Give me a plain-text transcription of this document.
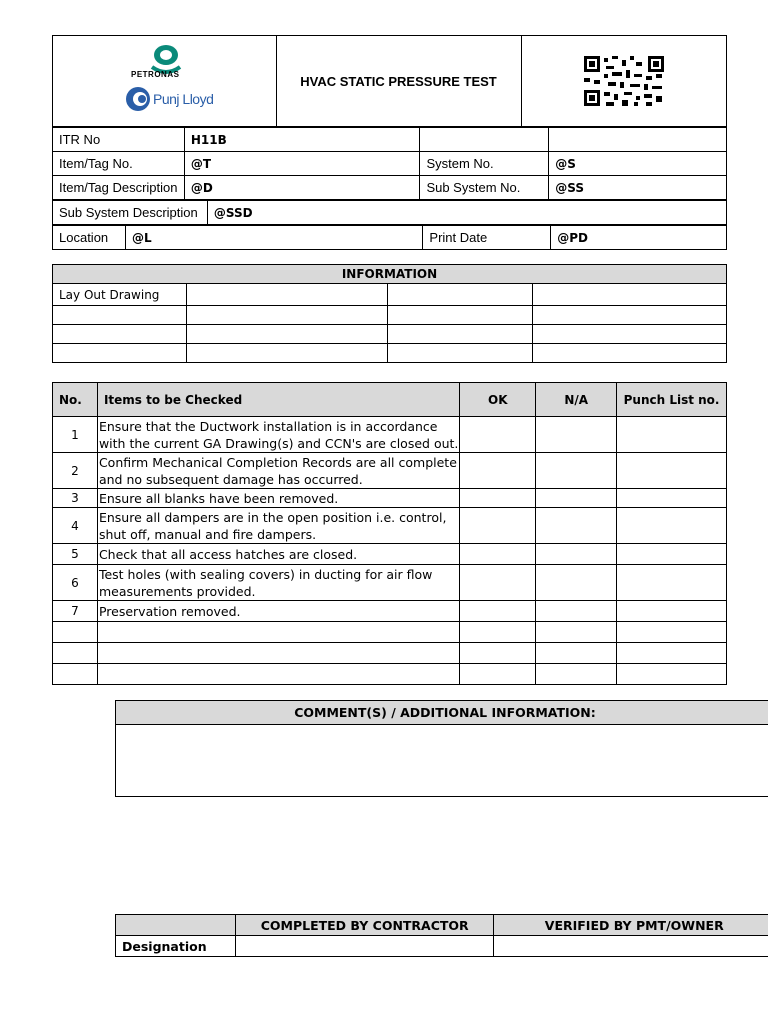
PETRONAS
Punj Lloyd
HVAC STATIC PRESSURE TEST
ITR No	H11B		
Item/Tag No.	@T	System No.	@S
Item/Tag Description	@D	Sub System No.	@SS
Sub System Description	@SSD
Location	@L	Print Date	@PD
INFORMATION			
Lay Out Drawing			

No.	Items to be Checked	OK	N/A	Punch List no.
1	Ensure that the Ductwork installation is in accordance with the current GA Drawing(s) and CCN's are closed out.			
2	Confirm Mechanical Completion Records are all complete and no subsequent damage has occurred.			
3	Ensure all blanks have been removed.			
4	Ensure all dampers are in the open position i.e. control, shut off, manual and fire dampers.			
5	Check that all access hatches are closed.			
6	Test holes (with sealing covers) in ducting for air flow measurements provided.			
7	Preservation removed.			

COMMENT(S) / ADDITIONAL INFORMATION:

	COMPLETED BY CONTRACTOR	VERIFIED BY PMT/OWNER
Designation		
